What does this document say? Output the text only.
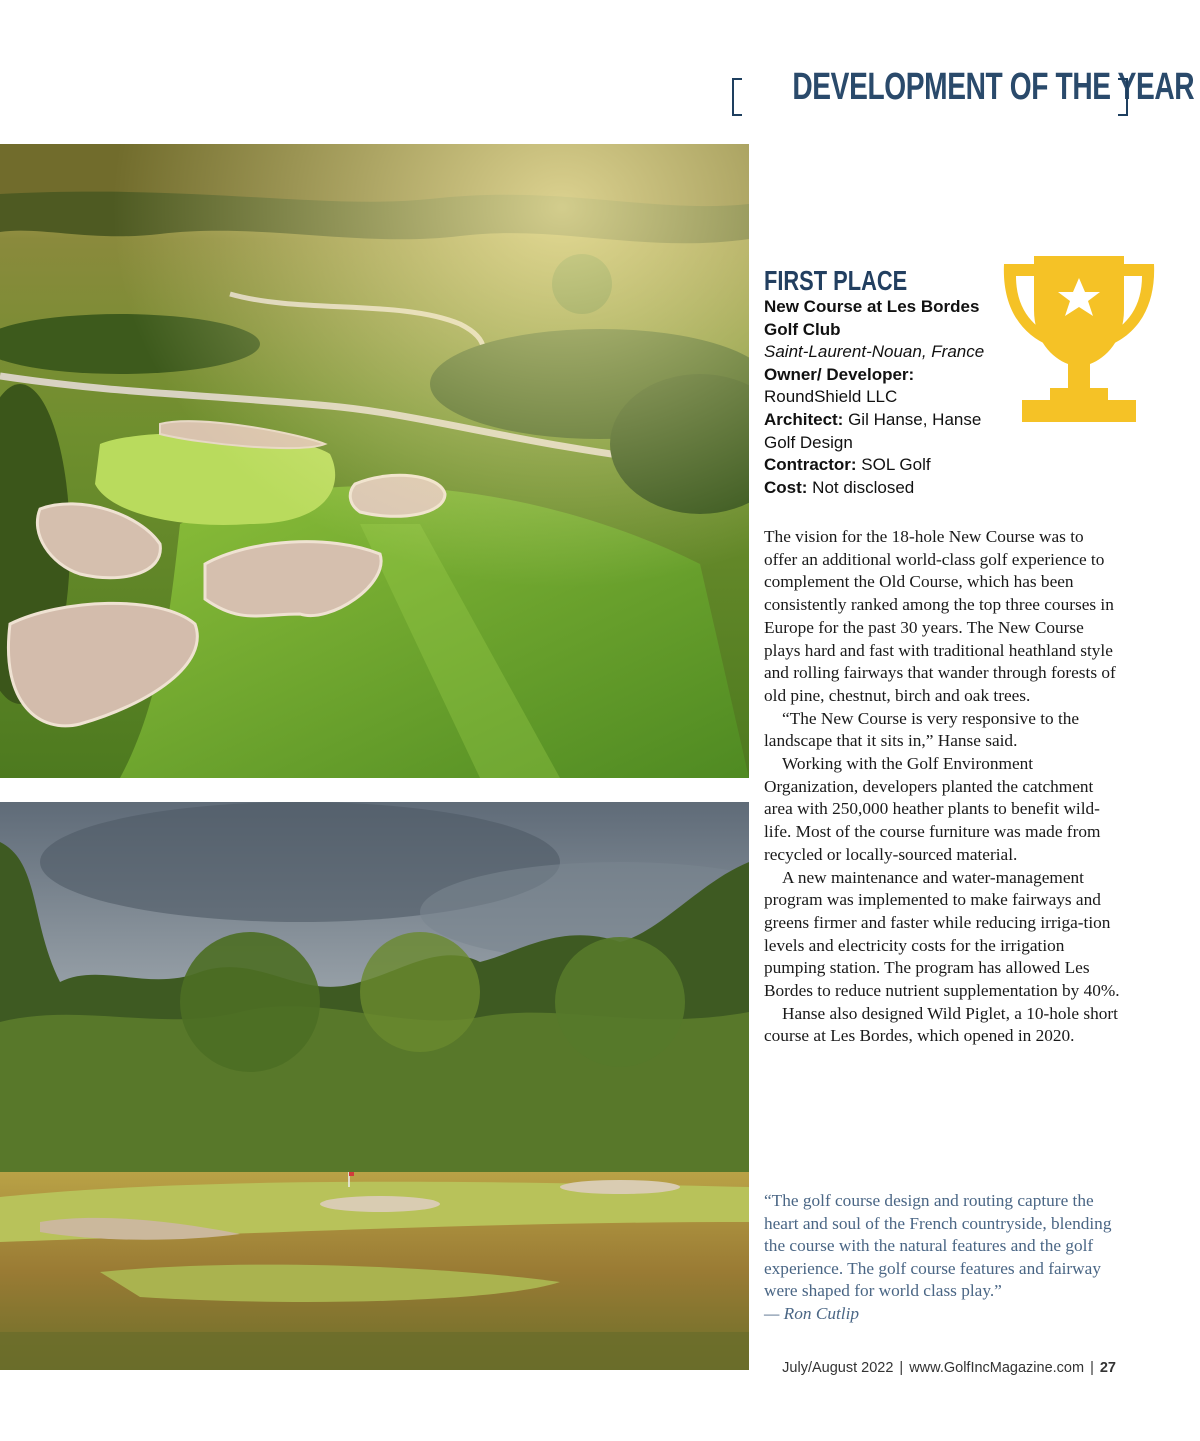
DEVELOPMENT OF THE YEAR
FIRST PLACE
New Course at Les Bordes
Golf Club
Saint-Laurent-Nouan, France
Owner/ Developer:
RoundShield LLC
Architect: Gil Hanse, Hanse Golf Design
Contractor: SOL Golf
Cost: Not disclosed

The vision for the 18-hole New Course was to offer an additional world-class golf experience to complement the Old Course, which has been consistently ranked among the top three courses in Europe for the past 30 years. The New Course plays hard and fast with traditional heathland style and rolling fairways that wander through forests of old pine, chestnut, birch and oak trees.

“The New Course is very responsive to the landscape that it sits in,” Hanse said.

Working with the Golf Environment Organization, developers planted the catchment area with 250,000 heather plants to benefit wild-life. Most of the course furniture was made from recycled or locally-sourced material.

A new maintenance and water-management program was implemented to make fairways and greens firmer and faster while reducing irriga-tion levels and electricity costs for the irrigation pumping station. The program has allowed Les Bordes to reduce nutrient supplementation by 40%.

Hanse also designed Wild Piglet, a 10-hole short course at Les Bordes, which opened in 2020.

“The golf course design and routing capture the heart and soul of the French countryside, blending the course with the natural features and the golf experience. The golf course features and fairway were shaped for world class play.”
— Ron Cutlip
July/August 2022 | www.GolfIncMagazine.com | 27
